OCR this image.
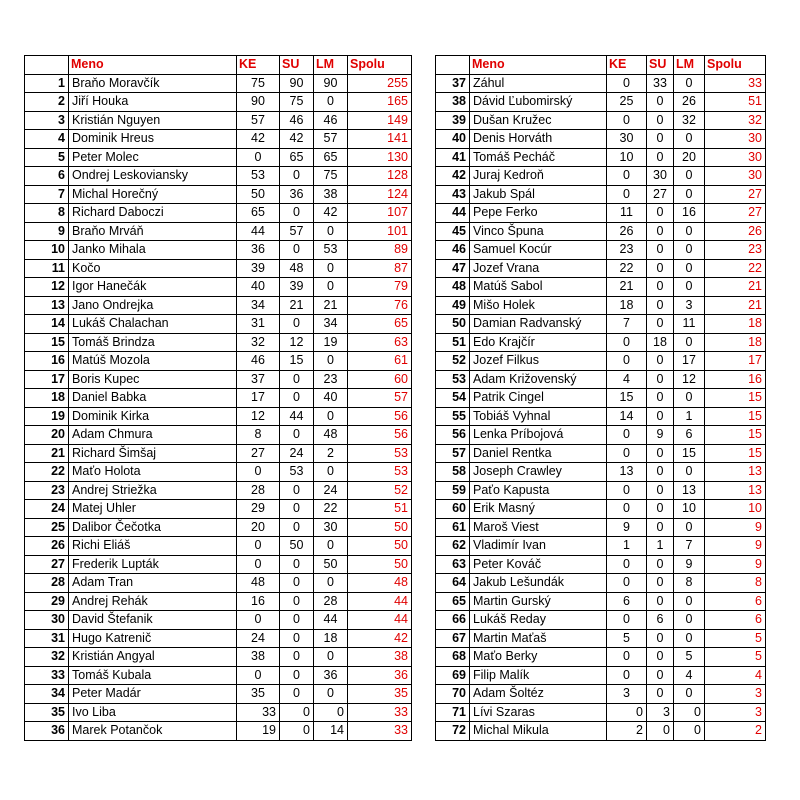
	Meno	KE	SU	LM	Spolu
1	Braňo Moravčík	75	90	90	255
2	Jiří Houka	90	75	0	165
3	Kristián Nguyen	57	46	46	149
4	Dominik Hreus	42	42	57	141
5	Peter Molec	0	65	65	130
6	Ondrej Leskoviansky	53	0	75	128
7	Michal Horečný	50	36	38	124
8	Richard Daboczi	65	0	42	107
9	Braňo Mrváň	44	57	0	101
10	Janko Mihala	36	0	53	89
11	Kočo	39	48	0	87
12	Igor Hanečák	40	39	0	79
13	Jano Ondrejka	34	21	21	76
14	Lukáš Chalachan	31	0	34	65
15	Tomáš Brindza	32	12	19	63
16	Matúš Mozola	46	15	0	61
17	Boris Kupec	37	0	23	60
18	Daniel Babka	17	0	40	57
19	Dominik Kirka	12	44	0	56
20	Adam Chmura	8	0	48	56
21	Richard Šimšaj	27	24	2	53
22	Maťo Holota	0	53	0	53
23	Andrej Striežka	28	0	24	52
24	Matej Uhler	29	0	22	51
25	Dalibor Čečotka	20	0	30	50
26	Richi Eliáš	0	50	0	50
27	Frederik Lupták	0	0	50	50
28	Adam Tran	48	0	0	48
29	Andrej Rehák	16	0	28	44
30	David Štefanik	0	0	44	44
31	Hugo Katrenič	24	0	18	42
32	Kristián Angyal	38	0	0	38
33	Tomáš Kubala	0	0	36	36
34	Peter Madár	35	0	0	35
35	Ivo Liba	33	0	0	33
36	Marek Potančok	19	0	14	33
	Meno	KE	SU	LM	Spolu
37	Záhul	0	33	0	33
38	Dávid Ľubomirský	25	0	26	51
39	Dušan Kružec	0	0	32	32
40	Denis Horváth	30	0	0	30
41	Tomáš Pecháč	10	0	20	30
42	Juraj Kedroň	0	30	0	30
43	Jakub Spál	0	27	0	27
44	Pepe Ferko	11	0	16	27
45	Vinco Špuna	26	0	0	26
46	Samuel Kocúr	23	0	0	23
47	Jozef Vrana	22	0	0	22
48	Matúš Sabol	21	0	0	21
49	Mišo Holek	18	0	3	21
50	Damian Radvanský	7	0	11	18
51	Edo Krajčír	0	18	0	18
52	Jozef Filkus	0	0	17	17
53	Adam Križovenský	4	0	12	16
54	Patrik Cingel	15	0	0	15
55	Tobiáš Vyhnal	14	0	1	15
56	Lenka Príbojová	0	9	6	15
57	Daniel Rentka	0	0	15	15
58	Joseph Crawley	13	0	0	13
59	Paťo Kapusta	0	0	13	13
60	Erik Masný	0	0	10	10
61	Maroš Viest	9	0	0	9
62	Vladimír Ivan	1	1	7	9
63	Peter Kováč	0	0	9	9
64	Jakub Lešundák	0	0	8	8
65	Martin Gurský	6	0	0	6
66	Lukáš Reday	0	6	0	6
67	Martin Maťaš	5	0	0	5
68	Maťo Berky	0	0	5	5
69	Filip Malík	0	0	4	4
70	Adam Šoltéz	3	0	0	3
71	Lívi Szaras	0	3	0	3
72	Michal Mikula	2	0	0	2
